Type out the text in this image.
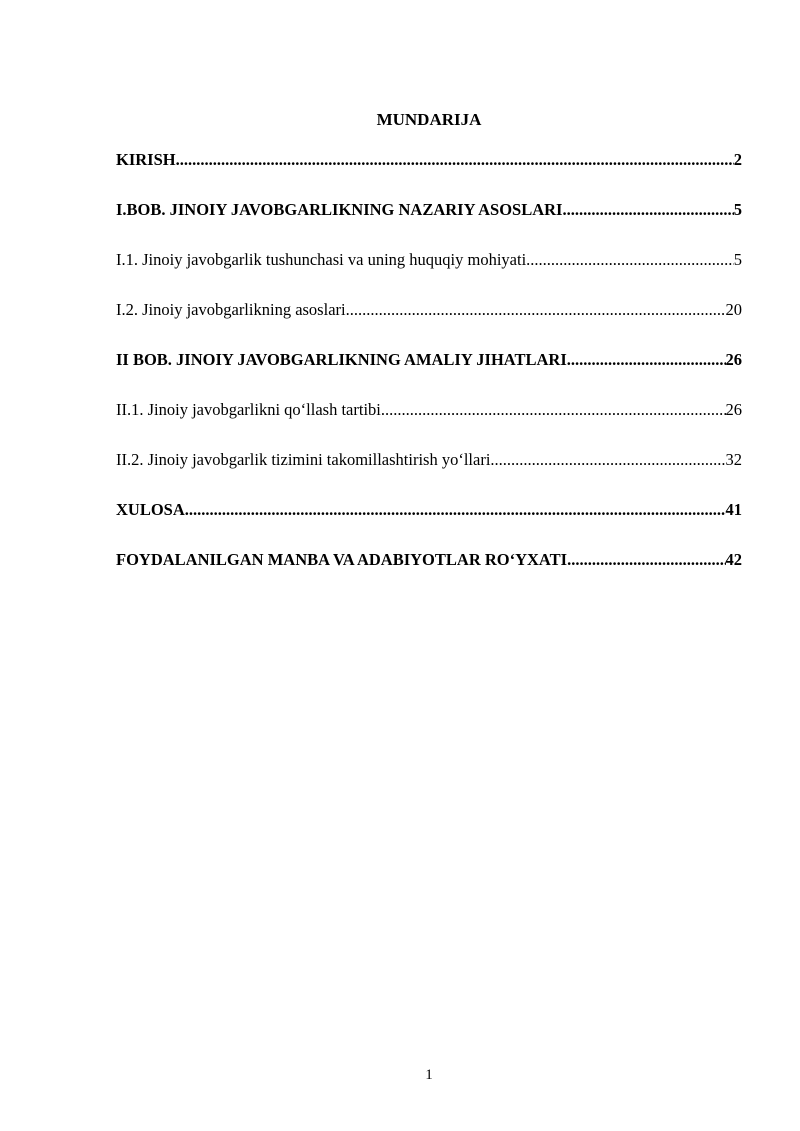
MUNDARIJA
KIRISH .....	2
I.BOB. JINOIY JAVOBGARLIKNING NAZARIY ASOSLARI .....	5
I.1. Jinoiy javobgarlik tushunchasi va uning huquqiy mohiyati .....	5
I.2. Jinoiy javobgarlikning asoslari .....	20
II BOB. JINOIY JAVOBGARLIKNING AMALIY JIHATLARI .....	26
II.1. Jinoiy javobgarlikni qo‘llash tartibi .....	26
II.2. Jinoiy javobgarlik tizimini takomillashtirish yo‘llari .....	32
XULOSA .....	41
FOYDALANILGAN MANBA VA ADABIYOTLAR RO‘YXATI .....	42
1
